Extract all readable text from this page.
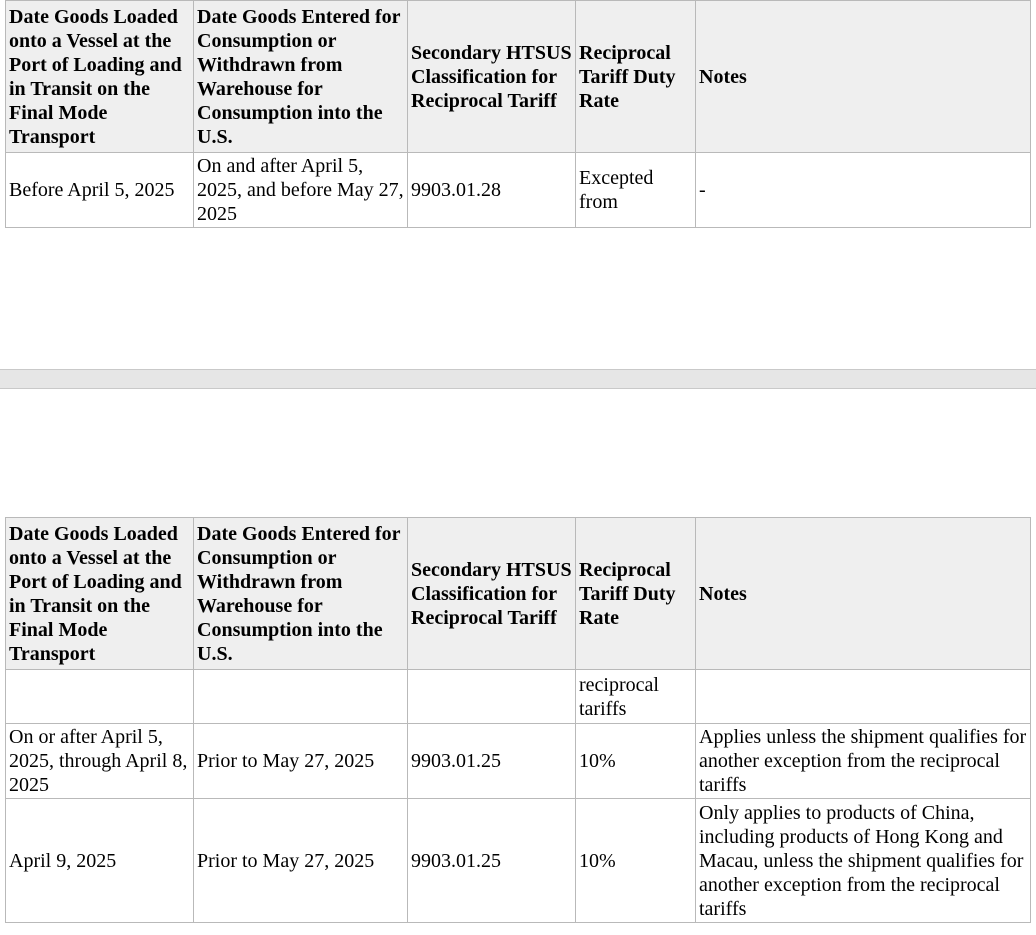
Date Goods Loaded onto a Vessel at the Port of Loading and in Transit on the Final Mode Transport	Date Goods Entered for Consumption or Withdrawn from Warehouse for Consumption into the U.S.	Secondary HTSUS Classification for Reciprocal Tariff	Reciprocal Tariff Duty Rate	Notes
Before April 5, 2025	On and after April 5, 2025, and before May 27, 2025	9903.01.28	Excepted from	-
Date Goods Loaded onto a Vessel at the Port of Loading and in Transit on the Final Mode Transport	Date Goods Entered for Consumption or Withdrawn from Warehouse for Consumption into the U.S.	Secondary HTSUS Classification for Reciprocal Tariff	Reciprocal Tariff Duty Rate	Notes
			reciprocal tariffs	
On or after April 5, 2025, through April 8, 2025	Prior to May 27, 2025	9903.01.25	10%	Applies unless the shipment qualifies for another exception from the reciprocal tariffs
April 9, 2025	Prior to May 27, 2025	9903.01.25	10%	Only applies to products of China, including products of Hong Kong and Macau, unless the shipment qualifies for another exception from the reciprocal tariffs
